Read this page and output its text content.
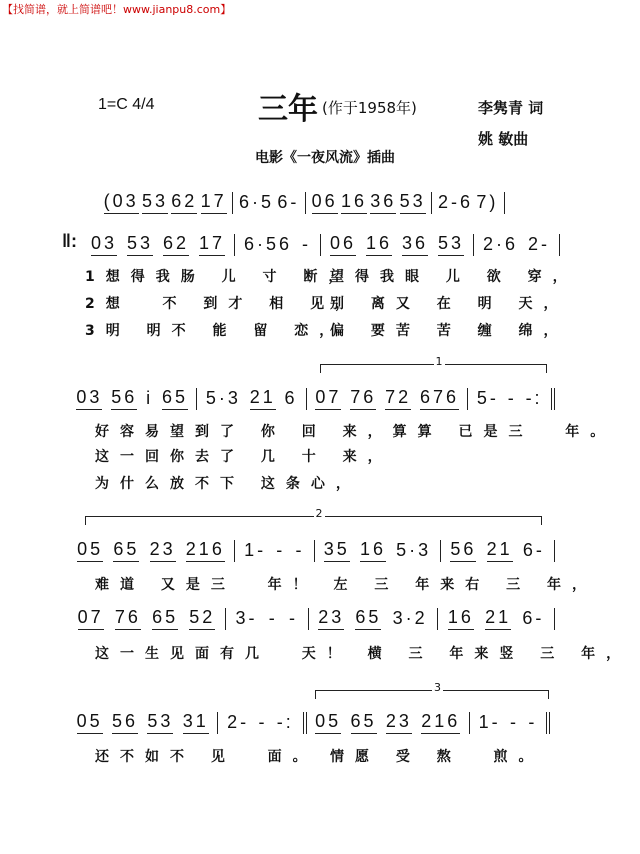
【找简谱，就上简谱吧！www.jianpu8.com】
1=C 4/4	三年 (作于1958年)	李隽青 词
姚 敏曲
电影《一夜风流》插曲
‖:
1
2
3
1想得我肠 儿 寸 断，
望得我眼 儿 欲 穿，
2想  不 到才 相 见，
别 离又 在 明 天，
3明 明不 能 留 恋，
偏 要苦 苦 缠 绵，
好容易望到了 你 回 来，算算 已是三  年。
这一回你去了 几 十 来，
为什么放不下 这条心，
难道 又是三  年！ 左 三 年来右 三 年，
这一生见面有几  天！ 横 三 年来竖 三 年，
还不如不 见  面。 情愿 受 熬  煎。
(03 53 62 17 6·5 6- 06 16 36 53 2-6 7)
03 53 62 17 6·56 - 06 16 36 53 2·6 2-
03 56 i 65 5·3 21 6 07 76 72 676 5- - -:
05 65 23 216 1- - - 35 16 5·3 56 21 6-
07 76 65 52 3- - - 23 65 3·2 16 21 6-
05 56 53 31 2- - -: 05 65 23 216 1- - -
